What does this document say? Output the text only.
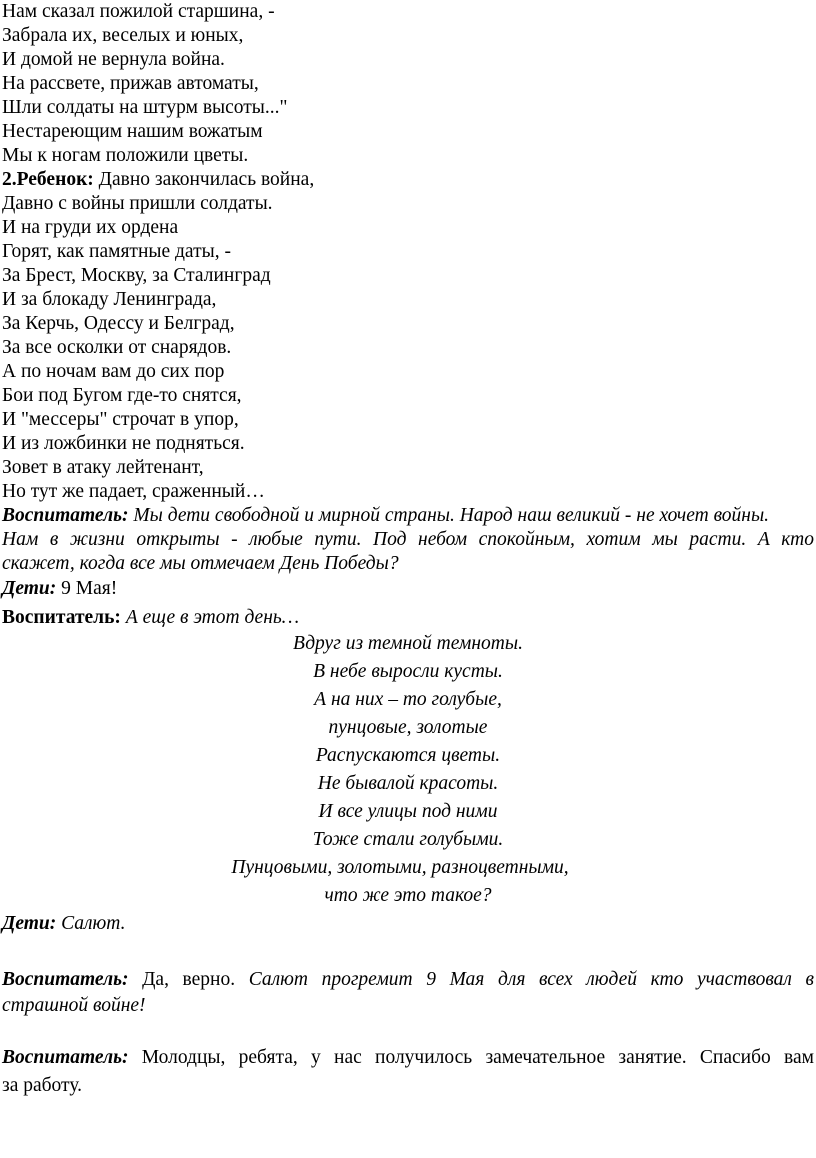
Нам сказал пожилой старшина, -

Забрала их, веселых и юных,

И домой не вернула война.

На рассвете, прижав автоматы,

Шли солдаты на штурм высоты..."

Нестареющим нашим вожатым

Мы к ногам положили цветы.

2.Ребенок: Давно закончилась война,

Давно с войны пришли солдаты.

И на груди их ордена

Горят, как памятные даты, -

За Брест, Москву, за Сталинград

И за блокаду Ленинграда,

За Керчь, Одессу и Белград,

За все осколки от снарядов.

А по ночам вам до сих пор

Бои под Бугом где-то снятся,

И "мессеры" строчат в упор,

И из ложбинки не подняться.

Зовет в атаку лейтенант,

Но тут же падает, сраженный…

Воспитатель: Мы дети свободной и мирной страны. Народ наш великий - не хочет войны.

Нам в жизни открыты - любые пути. Под небом спокойным, хотим мы расти. А кто

скажет, когда все мы отмечаем День Победы?

Дети: 9 Мая!

Воспитатель: А еще в этот день…

Вдруг из темной темноты.

В небе выросли кусты.

А на них – то голубые,

пунцовые, золотые

Распускаются цветы.

Не бывалой красоты.

И все улицы под ними

Тоже стали голубыми.

Пунцовыми, золотыми, разноцветными,

что же это такое?

Дети: Салют.

Воспитатель: Да, верно. Салют прогремит 9 Мая для всех людей кто участвовал в

страшной войне!

Воспитатель: Молодцы, ребята, у нас получилось замечательное занятие. Спасибо вам

за работу.
